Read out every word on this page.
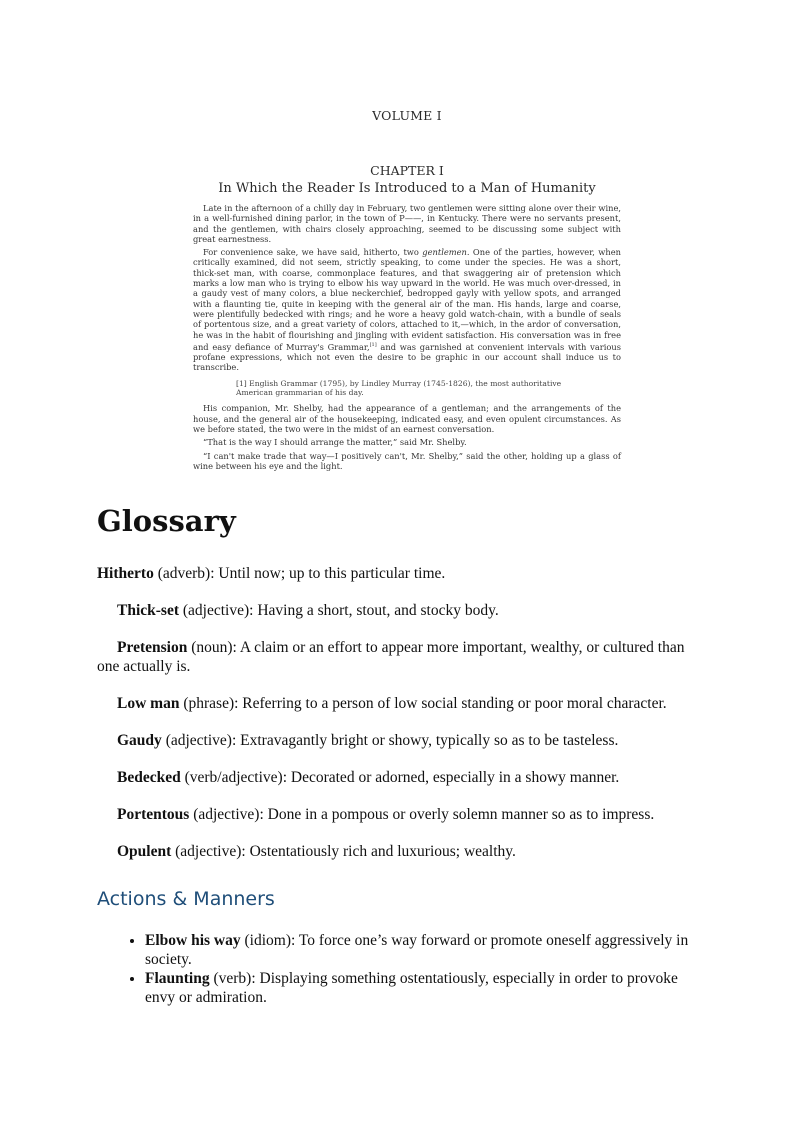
VOLUME I

CHAPTER I

In Which the Reader Is Introduced to a Man of Humanity

Late in the afternoon of a chilly day in February, two gentlemen were sitting alone over their wine, in a well-furnished dining parlor, in the town of P——, in Kentucky. There were no servants present, and the gentlemen, with chairs closely approaching, seemed to be discussing some subject with great earnestness.

For convenience sake, we have said, hitherto, two gentlemen. One of the parties, however, when critically examined, did not seem, strictly speaking, to come under the species. He was a short, thick-set man, with coarse, commonplace features, and that swaggering air of pretension which marks a low man who is trying to elbow his way upward in the world. He was much over-dressed, in a gaudy vest of many colors, a blue neckerchief, bedropped gayly with yellow spots, and arranged with a flaunting tie, quite in keeping with the general air of the man. His hands, large and coarse, were plentifully bedecked with rings; and he wore a heavy gold watch-chain, with a bundle of seals of portentous size, and a great variety of colors, attached to it,—which, in the ardor of conversation, he was in the habit of flourishing and jingling with evident satisfaction. His conversation was in free and easy defiance of Murray's Grammar,[1] and was garnished at convenient intervals with various profane expressions, which not even the desire to be graphic in our account shall induce us to transcribe.

[1] English Grammar (1795), by Lindley Murray (1745-1826), the most authoritative American grammarian of his day.

His companion, Mr. Shelby, had the appearance of a gentleman; and the arrangements of the house, and the general air of the housekeeping, indicated easy, and even opulent circumstances. As we before stated, the two were in the midst of an earnest conversation.

“That is the way I should arrange the matter,” said Mr. Shelby.

“I can't make trade that way—I positively can't, Mr. Shelby,” said the other, holding up a glass of wine between his eye and the light.

Glossary

Hitherto (adverb): Until now; up to this particular time.

Thick-set (adjective): Having a short, stout, and stocky body.

Pretension (noun): A claim or an effort to appear more important, wealthy, or cultured than one actually is.

Low man (phrase): Referring to a person of low social standing or poor moral character.

Gaudy (adjective): Extravagantly bright or showy, typically so as to be tasteless.

Bedecked (verb/adjective): Decorated or adorned, especially in a showy manner.

Portentous (adjective): Done in a pompous or overly solemn manner so as to impress.

Opulent (adjective): Ostentatiously rich and luxurious; wealthy.

Actions & Manners
• Elbow his way (idiom): To force one’s way forward or promote oneself aggressively in society.
• Flaunting (verb): Displaying something ostentatiously, especially in order to provoke envy or admiration.
